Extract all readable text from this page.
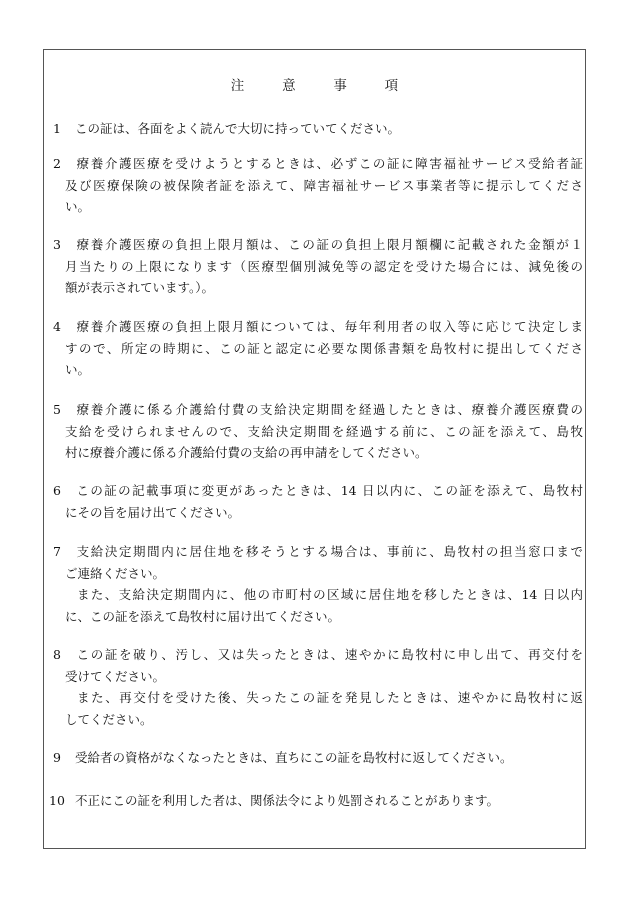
注　意　事　項
1 この証は、各面をよく読んで大切に持っていてください。
2 療養介護医療を受けようとするときは、必ずこの証に障害福祉サービス受給者証
及び医療保険の被保険者証を添えて、障害福祉サービス事業者等に提示してくださ
い。
3 療養介護医療の負担上限月額は、この証の負担上限月額欄に記載された金額が１
月当たりの上限になります（医療型個別減免等の認定を受けた場合には、減免後の
額が表示されています。）。
4 療養介護医療の負担上限月額については、毎年利用者の収入等に応じて決定しま
すので、所定の時期に、この証と認定に必要な関係書類を島牧村に提出してくださ
い。
5 療養介護に係る介護給付費の支給決定期間を経過したときは、療養介護医療費の
支給を受けられませんので、支給決定期間を経過する前に、この証を添えて、島牧
村に療養介護に係る介護給付費の支給の再申請をしてください。
6 この証の記載事項に変更があったときは、14 日以内に、この証を添えて、島牧村
にその旨を届け出てください。
7 支給決定期間内に居住地を移そうとする場合は、事前に、島牧村の担当窓口まで
ご連絡ください。
また、支給決定期間内に、他の市町村の区域に居住地を移したときは、14 日以内
に、この証を添えて島牧村に届け出てください。
8 この証を破り、汚し、又は失ったときは、速やかに島牧村に申し出て、再交付を
受けてください。
また、再交付を受けた後、失ったこの証を発見したときは、速やかに島牧村に返
してください。
9 受給者の資格がなくなったときは、直ちにこの証を島牧村に返してください。
10 不正にこの証を利用した者は、関係法令により処罰されることがあります。
